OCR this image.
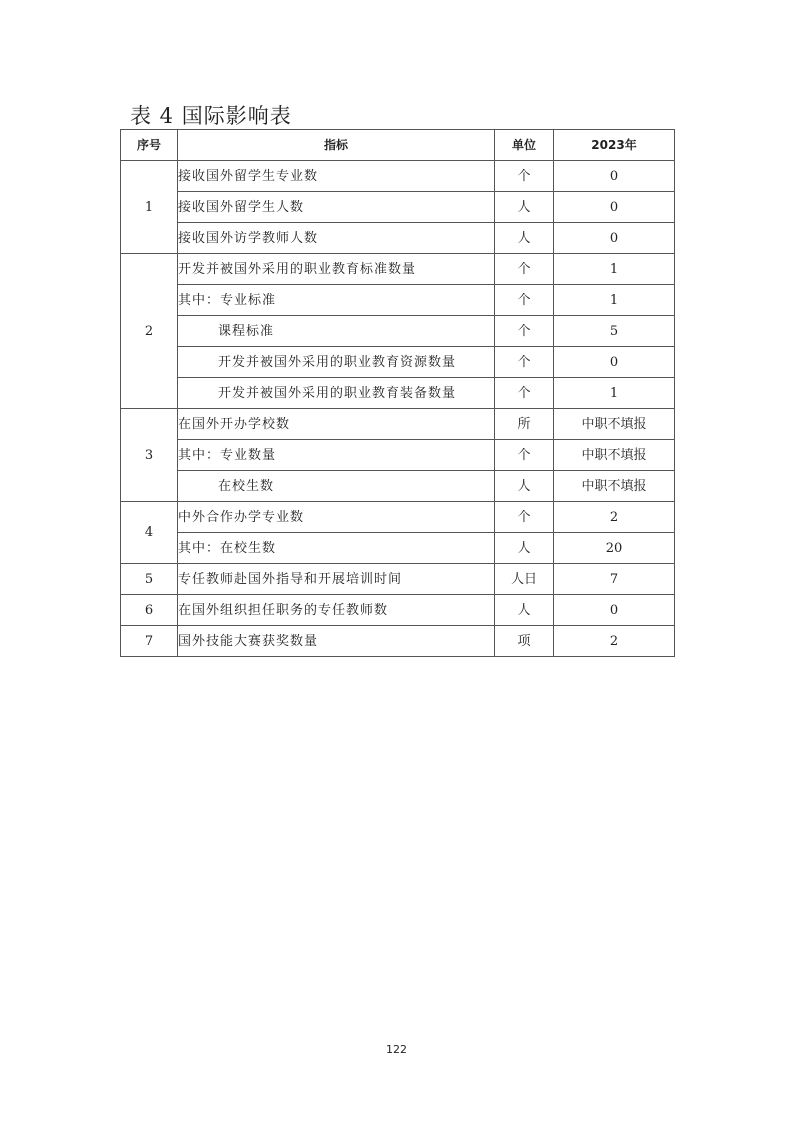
表 4 国际影响表
序号	指标	单位	2023年
1	接收国外留学生专业数	个	0
	接收国外留学生人数	人	0
	接收国外访学教师人数	人	0
2	开发并被国外采用的职业教育标准数量	个	1
	其中：专业标准	个	1
	课程标准	个	5
	开发并被国外采用的职业教育资源数量	个	0
	开发并被国外采用的职业教育装备数量	个	1
3	在国外开办学校数	所	中职不填报
	其中：专业数量	个	中职不填报
	在校生数	人	中职不填报
4	中外合作办学专业数	个	2
	其中：在校生数	人	20
5	专任教师赴国外指导和开展培训时间	人日	7
6	在国外组织担任职务的专任教师数	人	0
7	国外技能大赛获奖数量	项	2
122
